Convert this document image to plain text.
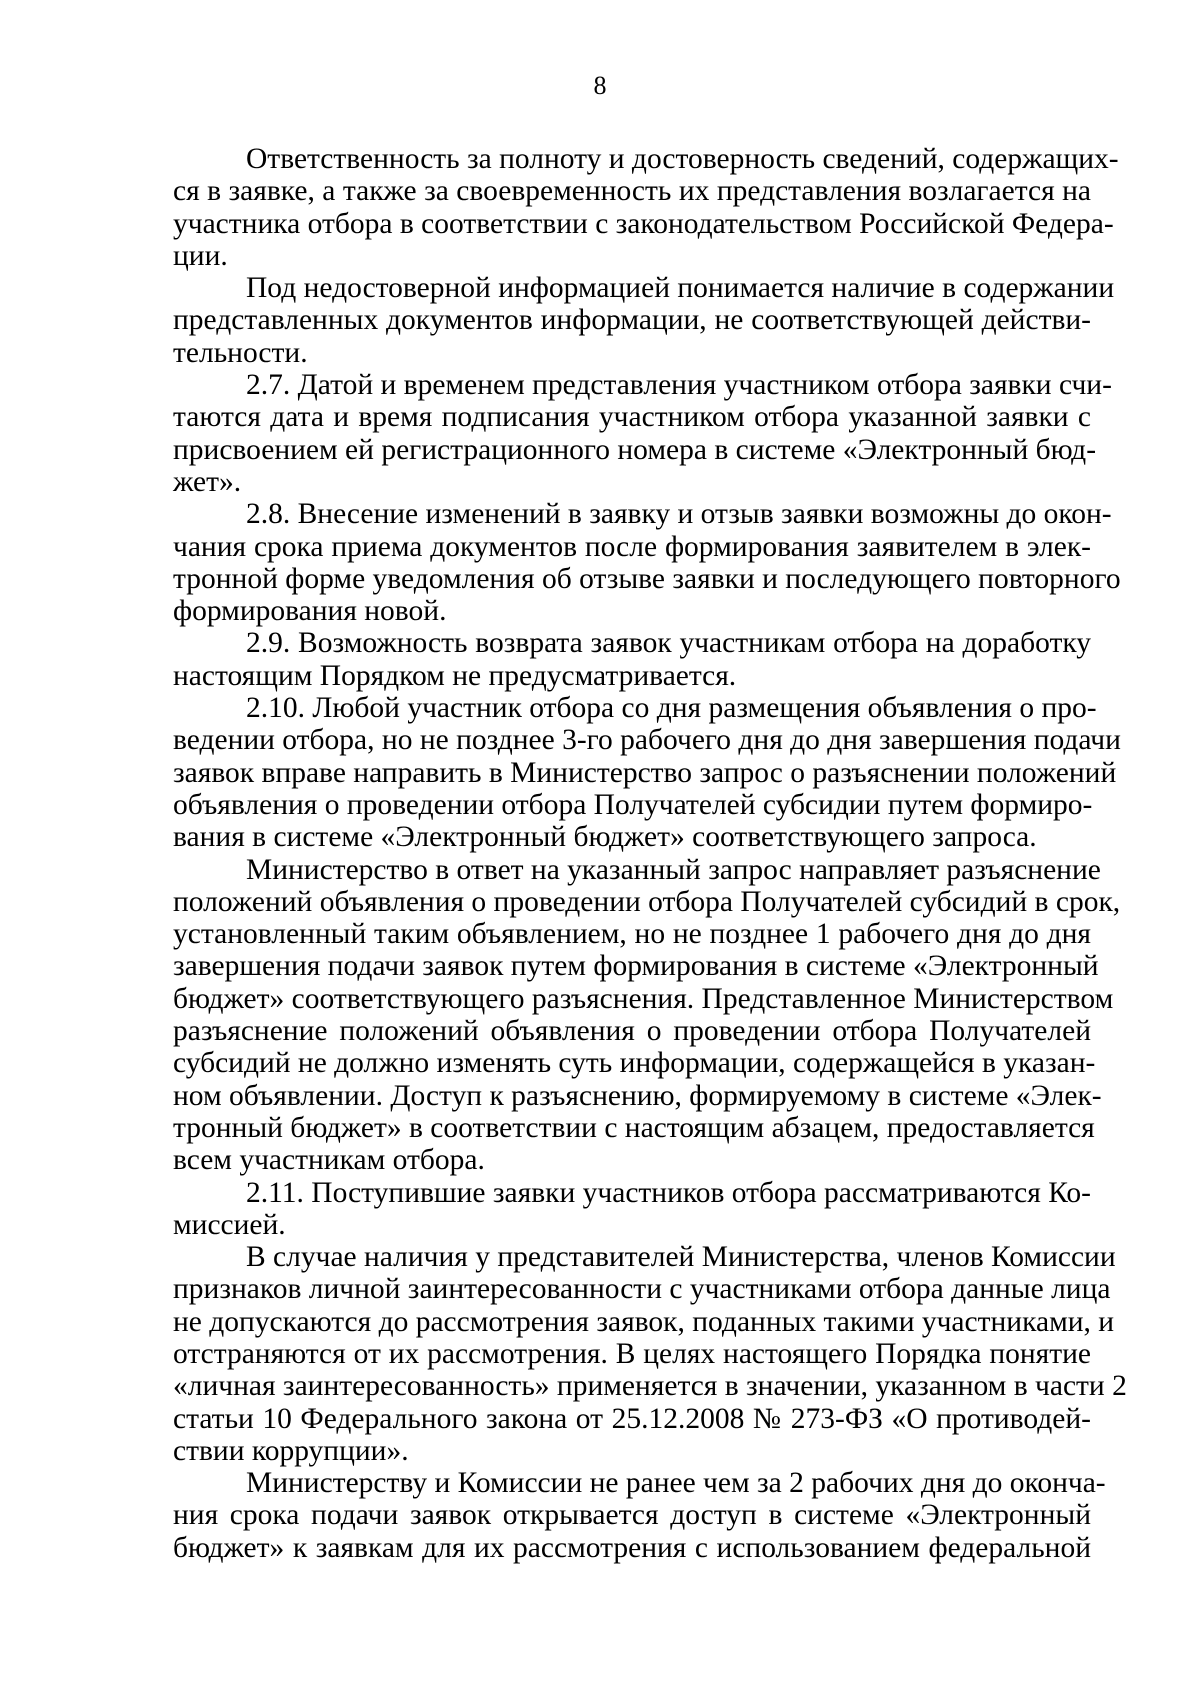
8

Ответственность за полноту и достоверность сведений, содержащих-
ся в заявке, а также за своевременность их представления возлагается на
участника отбора в соответствии с законодательством Российской Федера-
ции.

Под недостоверной информацией понимается наличие в содержании
представленных документов информации, не соответствующей действи-
тельности.

2.7. Датой и временем представления участником отбора заявки счи-
таются дата и время подписания участником отбора указанной заявки с
присвоением ей регистрационного номера в системе «Электронный бюд-
жет».

2.8. Внесение изменений в заявку и отзыв заявки возможны до окон-
чания срока приема документов после формирования заявителем в элек-
тронной форме уведомления об отзыве заявки и последующего повторного
формирования новой.

2.9. Возможность возврата заявок участникам отбора на доработку
настоящим Порядком не предусматривается.

2.10. Любой участник отбора со дня размещения объявления о про-
ведении отбора, но не позднее 3-го рабочего дня до дня завершения подачи
заявок вправе направить в Министерство запрос о разъяснении положений
объявления о проведении отбора Получателей субсидии путем формиро-
вания в системе «Электронный бюджет» соответствующего запроса.

Министерство в ответ на указанный запрос направляет разъяснение
положений объявления о проведении отбора Получателей субсидий в срок,
установленный таким объявлением, но не позднее 1 рабочего дня до дня
завершения подачи заявок путем формирования в системе «Электронный
бюджет» соответствующего разъяснения. Представленное Министерством
разъяснение положений объявления о проведении отбора Получателей
субсидий не должно изменять суть информации, содержащейся в указан-
ном объявлении. Доступ к разъяснению, формируемому в системе «Элек-
тронный бюджет» в соответствии с настоящим абзацем, предоставляется
всем участникам отбора.

2.11. Поступившие заявки участников отбора рассматриваются Ко-
миссией.

В случае наличия у представителей Министерства, членов Комиссии
признаков личной заинтересованности с участниками отбора данные лица
не допускаются до рассмотрения заявок, поданных такими участниками, и
отстраняются от их рассмотрения. В целях настоящего Порядка понятие
«личная заинтересованность» применяется в значении, указанном в части 2
статьи 10 Федерального закона от 25.12.2008 № 273-ФЗ «О противодей-
ствии коррупции».

Министерству и Комиссии не ранее чем за 2 рабочих дня до оконча-
ния срока подачи заявок открывается доступ в системе «Электронный
бюджет» к заявкам для их рассмотрения с использованием федеральной
